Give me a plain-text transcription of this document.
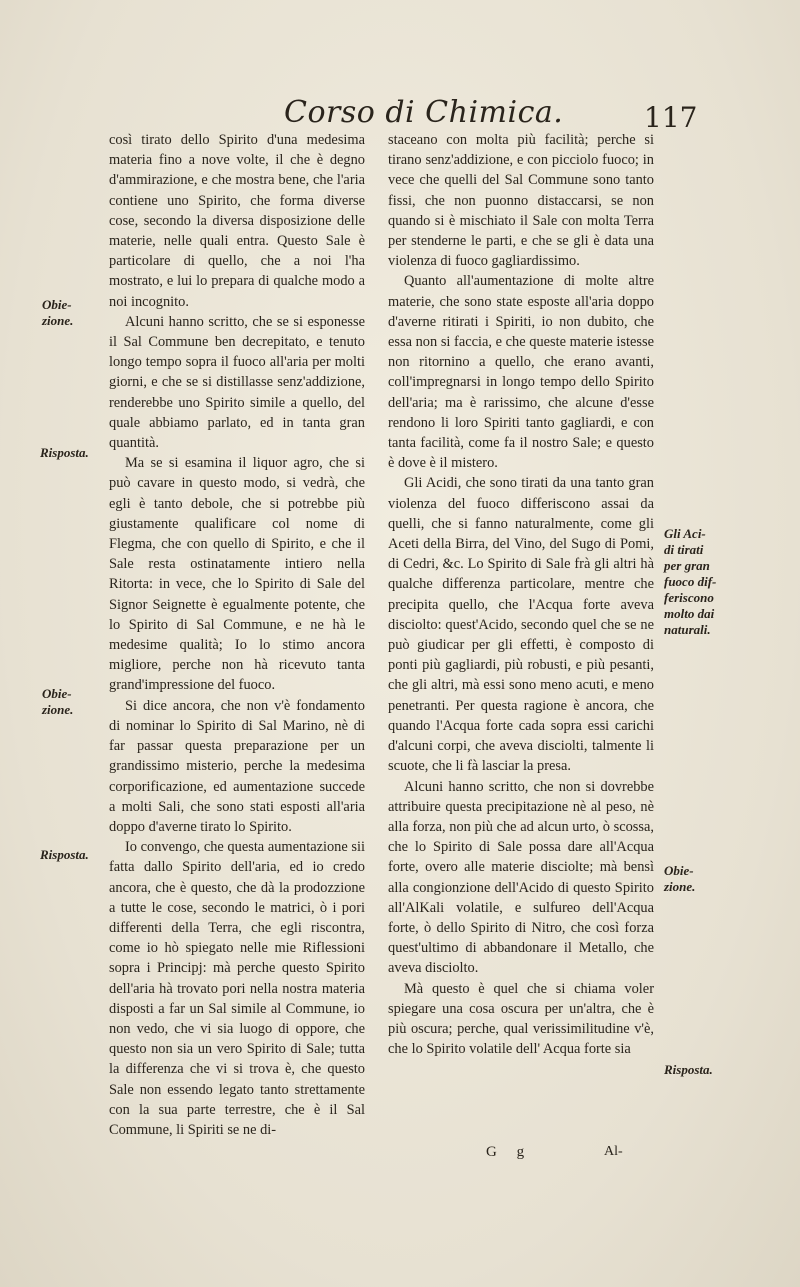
Corso di Chimica.	117

così tirato dello Spirito d'una medesima materia fino a nove volte, il che è degno d'ammirazione, e che mostra bene, che l'aria contiene uno Spirito, che forma diverse cose, secondo la diversa disposizione delle materie, nelle quali entra. Questo Sale è particolare di quello, che a noi l'ha mostrato, e lui lo prepara di qualche modo a noi incognito.

Alcuni hanno scritto, che se si esponesse il Sal Commune ben decrepitato, e tenuto longo tempo sopra il fuoco all'aria per molti giorni, e che se si distillasse senz'addizione, renderebbe uno Spirito simile a quello, del quale abbiamo parlato, ed in tanta gran quantità.

Ma se si esamina il liquor agro, che si può cavare in questo modo, si vedrà, che egli è tanto debole, che si potrebbe più giustamente qualificare col nome di Flegma, che con quello di Spirito, e che il Sale resta ostinatamente intiero nella Ritorta: in vece, che lo Spirito di Sale del Signor Seignette è egualmente potente, che lo Spirito di Sal Commune, e ne hà le medesime qualità; Io lo stimo ancora migliore, perche non hà ricevuto tanta grand'impressione del fuoco.

Si dice ancora, che non v'è fondamento di nominar lo Spirito di Sal Marino, nè di far passar questa preparazione per un grandissimo misterio, perche la medesima corporificazione, ed aumentazione succede a molti Sali, che sono stati esposti all'aria doppo d'averne tirato lo Spirito.

Io convengo, che questa aumentazione sii fatta dallo Spirito dell'aria, ed io credo ancora, che è questo, che dà la prodozzione a tutte le cose, secondo le matrici, ò i pori differenti della Terra, che egli riscontra, come io hò spiegato nelle mie Riflessioni sopra i Principj: mà perche questo Spirito dell'aria hà trovato pori nella nostra materia disposti a far un Sal simile al Commune, io non vedo, che vi sia luogo di oppore, che questo non sia un vero Spirito di Sale; tutta la differenza che vi si trova è, che questo Sale non essendo legato tanto strettamente con la sua parte terrestre, che è il Sal Commune, li Spiriti se ne di-

staceano con molta più facilità; perche si tirano senz'addizione, e con picciolo fuoco; in vece che quelli del Sal Commune sono tanto fissi, che non puonno distaccarsi, se non quando si è mischiato il Sale con molta Terra per stenderne le parti, e che se gli è data una violenza di fuoco gagliardissimo.

Quanto all'aumentazione di molte altre materie, che sono state esposte all'aria doppo d'averne ritirati i Spiriti, io non dubito, che essa non si faccia, e che queste materie istesse non ritornino a quello, che erano avanti, coll'impregnarsi in longo tempo dello Spirito dell'aria; ma è rarissimo, che alcune d'esse rendono li loro Spiriti tanto gagliardi, e con tanta facilità, come fa il nostro Sale; e questo è dove è il mistero.

Gli Acidi, che sono tirati da una tanto gran violenza del fuoco differiscono assai da quelli, che si fanno naturalmente, come gli Aceti della Birra, del Vino, del Sugo di Pomi, di Cedri, &c. Lo Spirito di Sale frà gli altri hà qualche differenza particolare, mentre che precipita quello, che l'Acqua forte aveva disciolto: quest'Acido, secondo quel che se ne può giudicar per gli effetti, è composto di ponti più gagliardi, più robusti, e più pesanti, che gli altri, mà essi sono meno acuti, e meno penetranti. Per questa ragione è ancora, che quando l'Acqua forte cada sopra essi carichi d'alcuni corpi, che aveva disciolti, talmente li scuote, che li fà lasciar la presa.

Alcuni hanno scritto, che non si dovrebbe attribuire questa precipitazione nè al peso, nè alla forza, non più che ad alcun urto, ò scossa, che lo Spirito di Sale possa dare all'Acqua forte, overo alle materie disciolte; mà bensì alla congionzione dell'Acido di questo Spirito all'AlKali volatile, e sulfureo dell'Acqua forte, ò dello Spirito di Nitro, che così forza quest'ultimo di abbandonare il Metallo, che aveva disciolto.

Mà questo è quel che si chiama voler spiegare una cosa oscura per un'altra, che è più oscura; perche, qual verissimilitudine v'è, che lo Spirito volatile dell' Acqua forte sia

Obie-
zione.
Risposta.
Obie-
zione.
Risposta.
Gli Aci-
di tirati
per gran
fuoco dif-
feriscono
molto dai
naturali.
Obie-
zione.
Risposta.
G g	Al-
